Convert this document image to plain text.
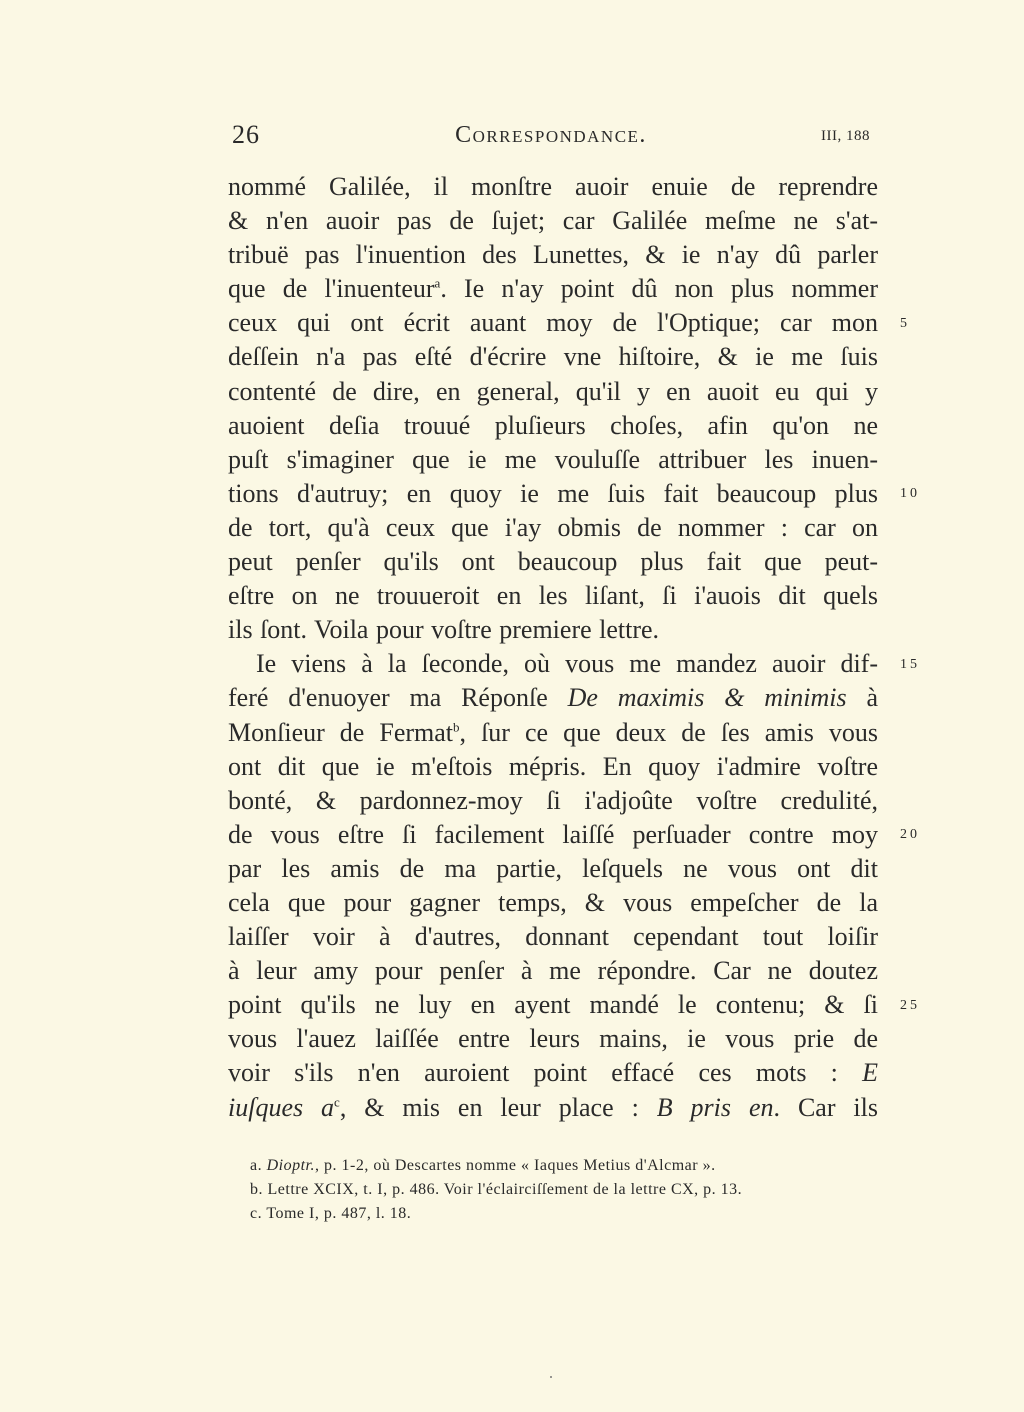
26	Correspondance.	III, 188
nommé Galilée, il monſtre auoir enuie de reprendre
& n'en auoir pas de ſujet; car Galilée meſme ne s'at-
tribuë pas l'inuention des Lunettes, & ie n'ay dû parler
que de l'inuenteur$^a$. Ie n'ay point dû non plus nommer
ceux qui ont écrit auant moy de l'Optique; car mon
deſſein n'a pas eſté d'écrire vne hiſtoire, & ie me ſuis
contenté de dire, en general, qu'il y en auoit eu qui y
auoient deſia trouué pluſieurs choſes, afin qu'on ne
puſt s'imaginer que ie me vouluſſe attribuer les inuen-
tions d'autruy; en quoy ie me ſuis fait beaucoup plus
de tort, qu'à ceux que i'ay obmis de nommer : car on
peut penſer qu'ils ont beaucoup plus fait que peut-
eſtre on ne trouueroit en les liſant, ſi i'auois dit quels
ils ſont. Voila pour voſtre premiere lettre.
Ie viens à la ſeconde, où vous me mandez auoir dif-
feré d'enuoyer ma Réponſe De maximis & minimis à
Monſieur de Fermat$^b$, ſur ce que deux de ſes amis vous
ont dit que ie m'eſtois mépris. En quoy i'admire voſtre
bonté, & pardonnez-moy ſi i'adjoûte voſtre credulité,
de vous eſtre ſi facilement laiſſé perſuader contre moy
par les amis de ma partie, leſquels ne vous ont dit
cela que pour gagner temps, & vous empeſcher de la
laiſſer voir à d'autres, donnant cependant tout loiſir
à leur amy pour penſer à me répondre. Car ne doutez
point qu'ils ne luy en ayent mandé le contenu; & ſi
vous l'auez laiſſée entre leurs mains, ie vous prie de
voir s'ils n'en auroient point effacé ces mots : E
iuſques $a^c$, & mis en leur place : B pris en. Car ils
5
10
15
20
25
a. Dioptr., p. 1-2, où Descartes nomme « Iaques Metius d'Alcmar ».
b. Lettre XCIX, t. I, p. 486. Voir l'éclairciſſement de la lettre CX, p. 13.
c. Tome I, p. 487, l. 18.
